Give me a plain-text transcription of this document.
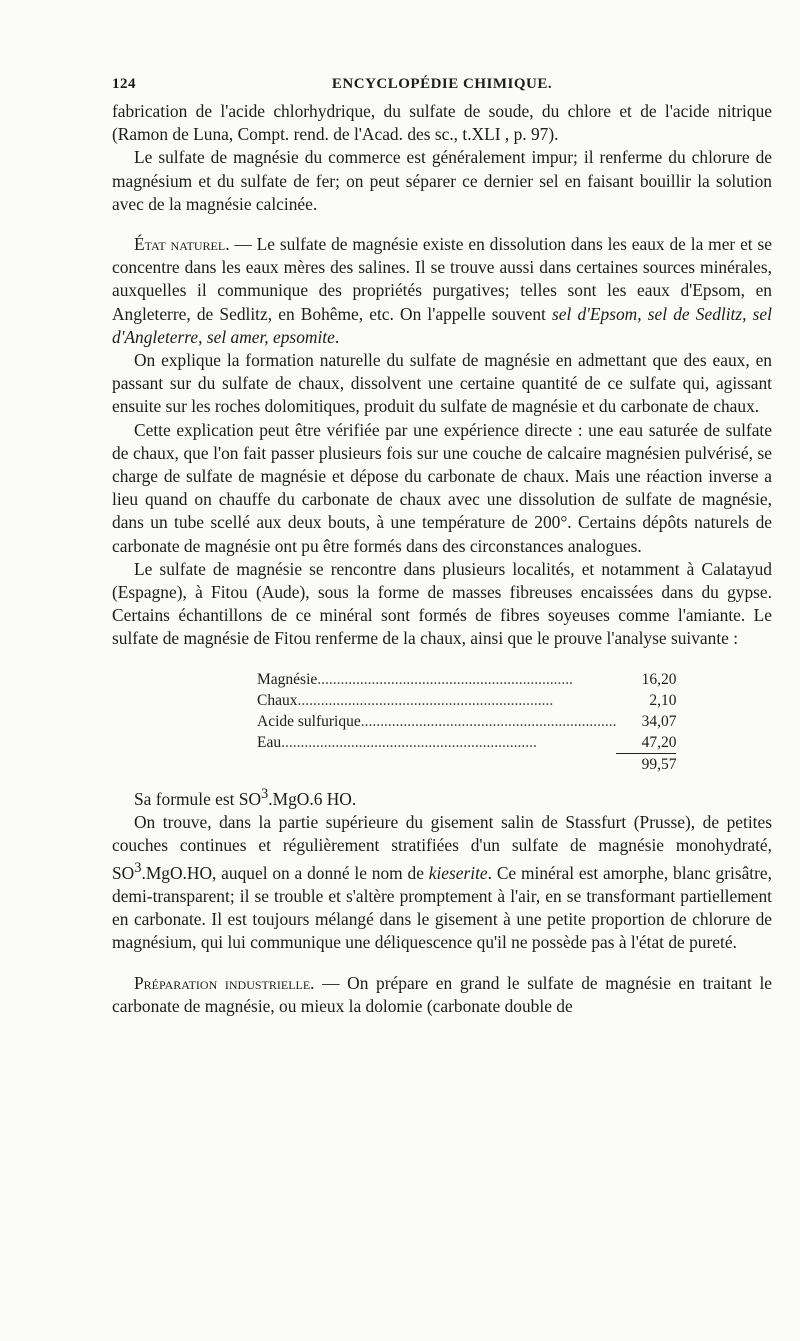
124	ENCYCLOPÉDIE CHIMIQUE.

fabrication de l'acide chlorhydrique, du sulfate de soude, du chlore et de l'acide nitrique (Ramon de Luna, Compt. rend. de l'Acad. des sc., t.XLI , p. 97).

Le sulfate de magnésie du commerce est généralement impur; il renferme du chlorure de magnésium et du sulfate de fer; on peut séparer ce dernier sel en faisant bouillir la solution avec de la magnésie calcinée.

État naturel. — Le sulfate de magnésie existe en dissolution dans les eaux de la mer et se concentre dans les eaux mères des salines. Il se trouve aussi dans certaines sources minérales, auxquelles il communique des propriétés purgatives; telles sont les eaux d'Epsom, en Angleterre, de Sedlitz, en Bohême, etc. On l'appelle souvent sel d'Epsom, sel de Sedlitz, sel d'Angleterre, sel amer, epsomite.

On explique la formation naturelle du sulfate de magnésie en admettant que des eaux, en passant sur du sulfate de chaux, dissolvent une certaine quantité de ce sulfate qui, agissant ensuite sur les roches dolomitiques, produit du sulfate de magnésie et du carbonate de chaux.

Cette explication peut être vérifiée par une expérience directe : une eau saturée de sulfate de chaux, que l'on fait passer plusieurs fois sur une couche de calcaire magnésien pulvérisé, se charge de sulfate de magnésie et dépose du carbonate de chaux. Mais une réaction inverse a lieu quand on chauffe du carbonate de chaux avec une dissolution de sulfate de magnésie, dans un tube scellé aux deux bouts, à une température de 200°. Certains dépôts naturels de carbonate de magnésie ont pu être formés dans des circonstances analogues.

Le sulfate de magnésie se rencontre dans plusieurs localités, et notamment à Calatayud (Espagne), à Fitou (Aude), sous la forme de masses fibreuses encaissées dans du gypse. Certains échantillons de ce minéral sont formés de fibres soyeuses comme l'amiante. Le sulfate de magnésie de Fitou renferme de la chaux, ainsi que le prouve l'analyse suivante :

Magnésie..................................................................	16,20
Chaux..................................................................	2,10
Acide sulfurique..................................................................	34,07
Eau..................................................................	47,20
	99,57

Sa formule est $SO^3.MgO.6$ HO.

On trouve, dans la partie supérieure du gisement salin de Stassfurt (Prusse), de petites couches continues et régulièrement stratifiées d'un sulfate de magnésie monohydraté, $SO^3.MgO.HO$, auquel on a donné le nom de kieserite. Ce minéral est amorphe, blanc grisâtre, demi-transparent; il se trouble et s'altère promptement à l'air, en se transformant partiellement en carbonate. Il est toujours mélangé dans le gisement à une petite proportion de chlorure de magnésium, qui lui communique une déliquescence qu'il ne possède pas à l'état de pureté.

Préparation industrielle. — On prépare en grand le sulfate de magnésie en traitant le carbonate de magnésie, ou mieux la dolomie (carbonate double de
